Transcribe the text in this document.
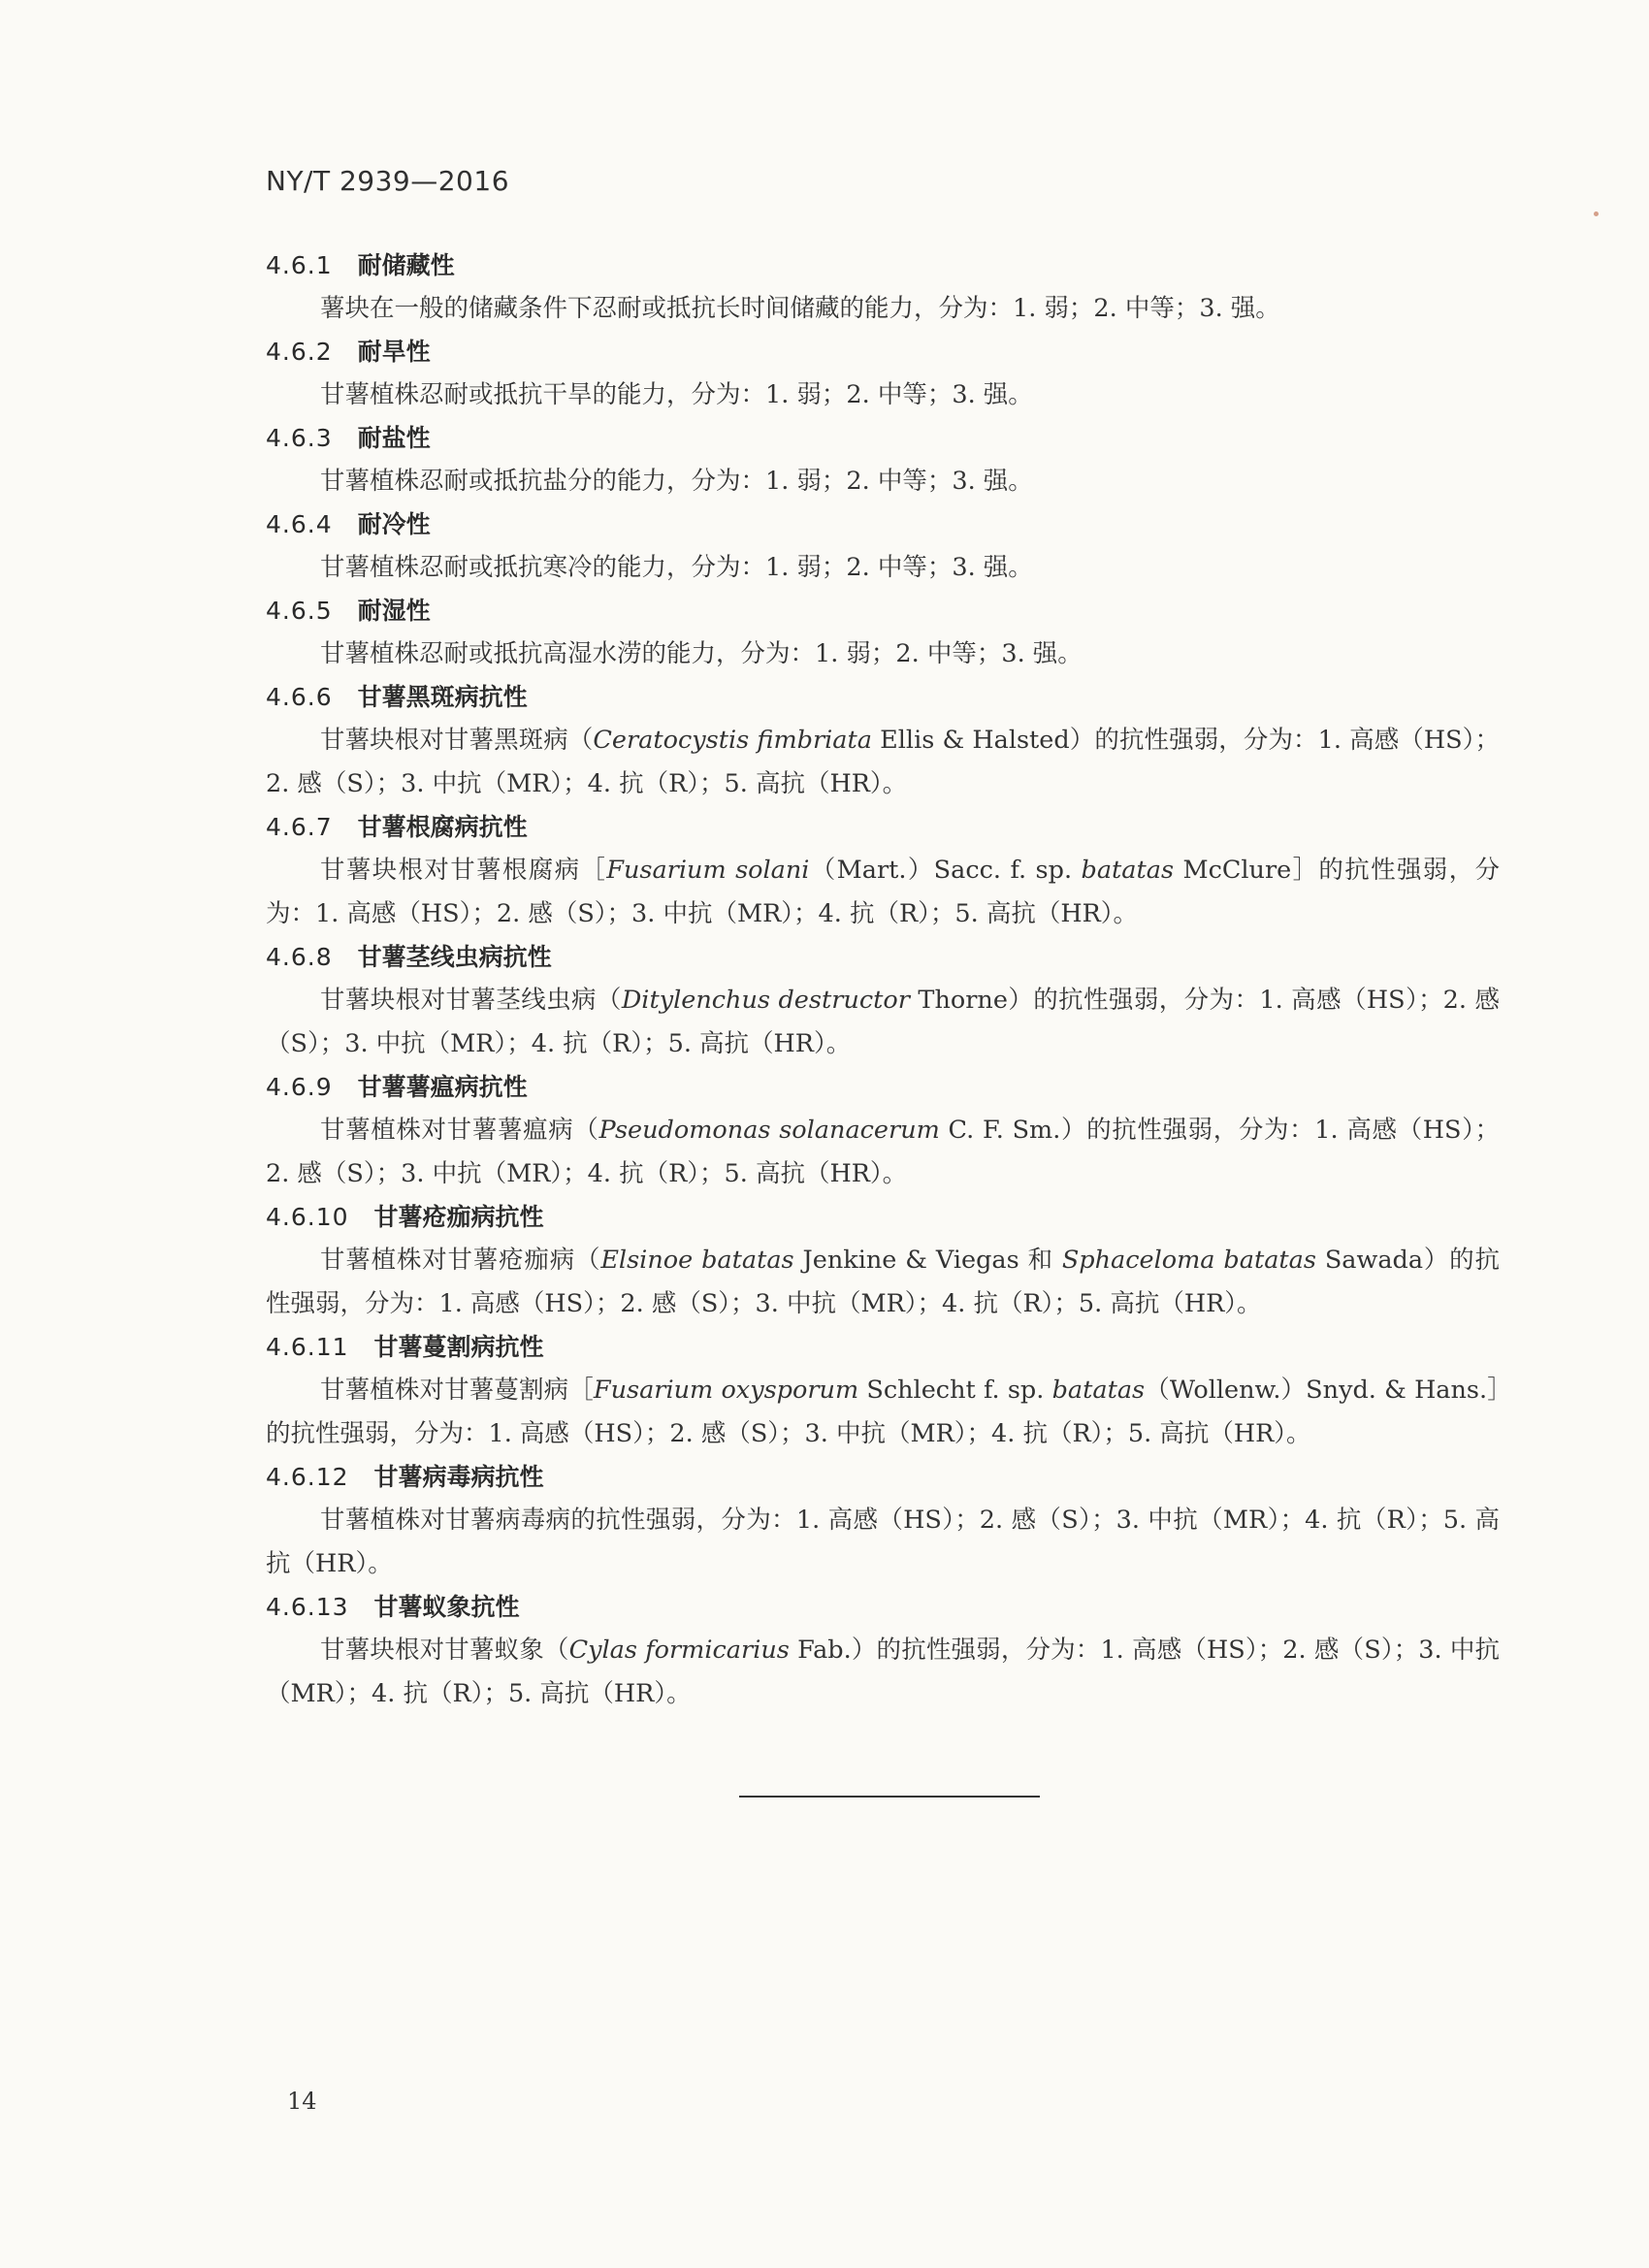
NY/T 2939—2016
4.6.1 耐储藏性

薯块在一般的储藏条件下忍耐或抵抗长时间储藏的能力，分为：1. 弱；2. 中等；3. 强。

4.6.2 耐旱性

甘薯植株忍耐或抵抗干旱的能力，分为：1. 弱；2. 中等；3. 强。

4.6.3 耐盐性

甘薯植株忍耐或抵抗盐分的能力，分为：1. 弱；2. 中等；3. 强。

4.6.4 耐冷性

甘薯植株忍耐或抵抗寒冷的能力，分为：1. 弱；2. 中等；3. 强。

4.6.5 耐湿性

甘薯植株忍耐或抵抗高湿水涝的能力，分为：1. 弱；2. 中等；3. 强。

4.6.6 甘薯黑斑病抗性

甘薯块根对甘薯黑斑病（Ceratocystis fimbriata Ellis & Halsted）的抗性强弱，分为：1. 高感（HS）；2. 感（S）；3. 中抗（MR）；4. 抗（R）；5. 高抗（HR）。

4.6.7 甘薯根腐病抗性

甘薯块根对甘薯根腐病［Fusarium solani（Mart.）Sacc. f. sp. batatas McClure］的抗性强弱，分为：1. 高感（HS）；2. 感（S）；3. 中抗（MR）；4. 抗（R）；5. 高抗（HR）。

4.6.8 甘薯茎线虫病抗性

甘薯块根对甘薯茎线虫病（Ditylenchus destructor Thorne）的抗性强弱，分为：1. 高感（HS）；2. 感（S）；3. 中抗（MR）；4. 抗（R）；5. 高抗（HR）。

4.6.9 甘薯薯瘟病抗性

甘薯植株对甘薯薯瘟病（Pseudomonas solanacerum C. F. Sm.）的抗性强弱，分为：1. 高感（HS）；2. 感（S）；3. 中抗（MR）；4. 抗（R）；5. 高抗（HR）。

4.6.10 甘薯疮痂病抗性

甘薯植株对甘薯疮痂病（Elsinoe batatas Jenkine & Viegas 和 Sphaceloma batatas Sawada）的抗性强弱，分为：1. 高感（HS）；2. 感（S）；3. 中抗（MR）；4. 抗（R）；5. 高抗（HR）。

4.6.11 甘薯蔓割病抗性

甘薯植株对甘薯蔓割病［Fusarium oxysporum Schlecht f. sp. batatas（Wollenw.）Snyd. & Hans.］的抗性强弱，分为：1. 高感（HS）；2. 感（S）；3. 中抗（MR）；4. 抗（R）；5. 高抗（HR）。

4.6.12 甘薯病毒病抗性

甘薯植株对甘薯病毒病的抗性强弱，分为：1. 高感（HS）；2. 感（S）；3. 中抗（MR）；4. 抗（R）；5. 高抗（HR）。

4.6.13 甘薯蚁象抗性

甘薯块根对甘薯蚁象（Cylas formicarius Fab.）的抗性强弱，分为：1. 高感（HS）；2. 感（S）；3. 中抗（MR）；4. 抗（R）；5. 高抗（HR）。

14
